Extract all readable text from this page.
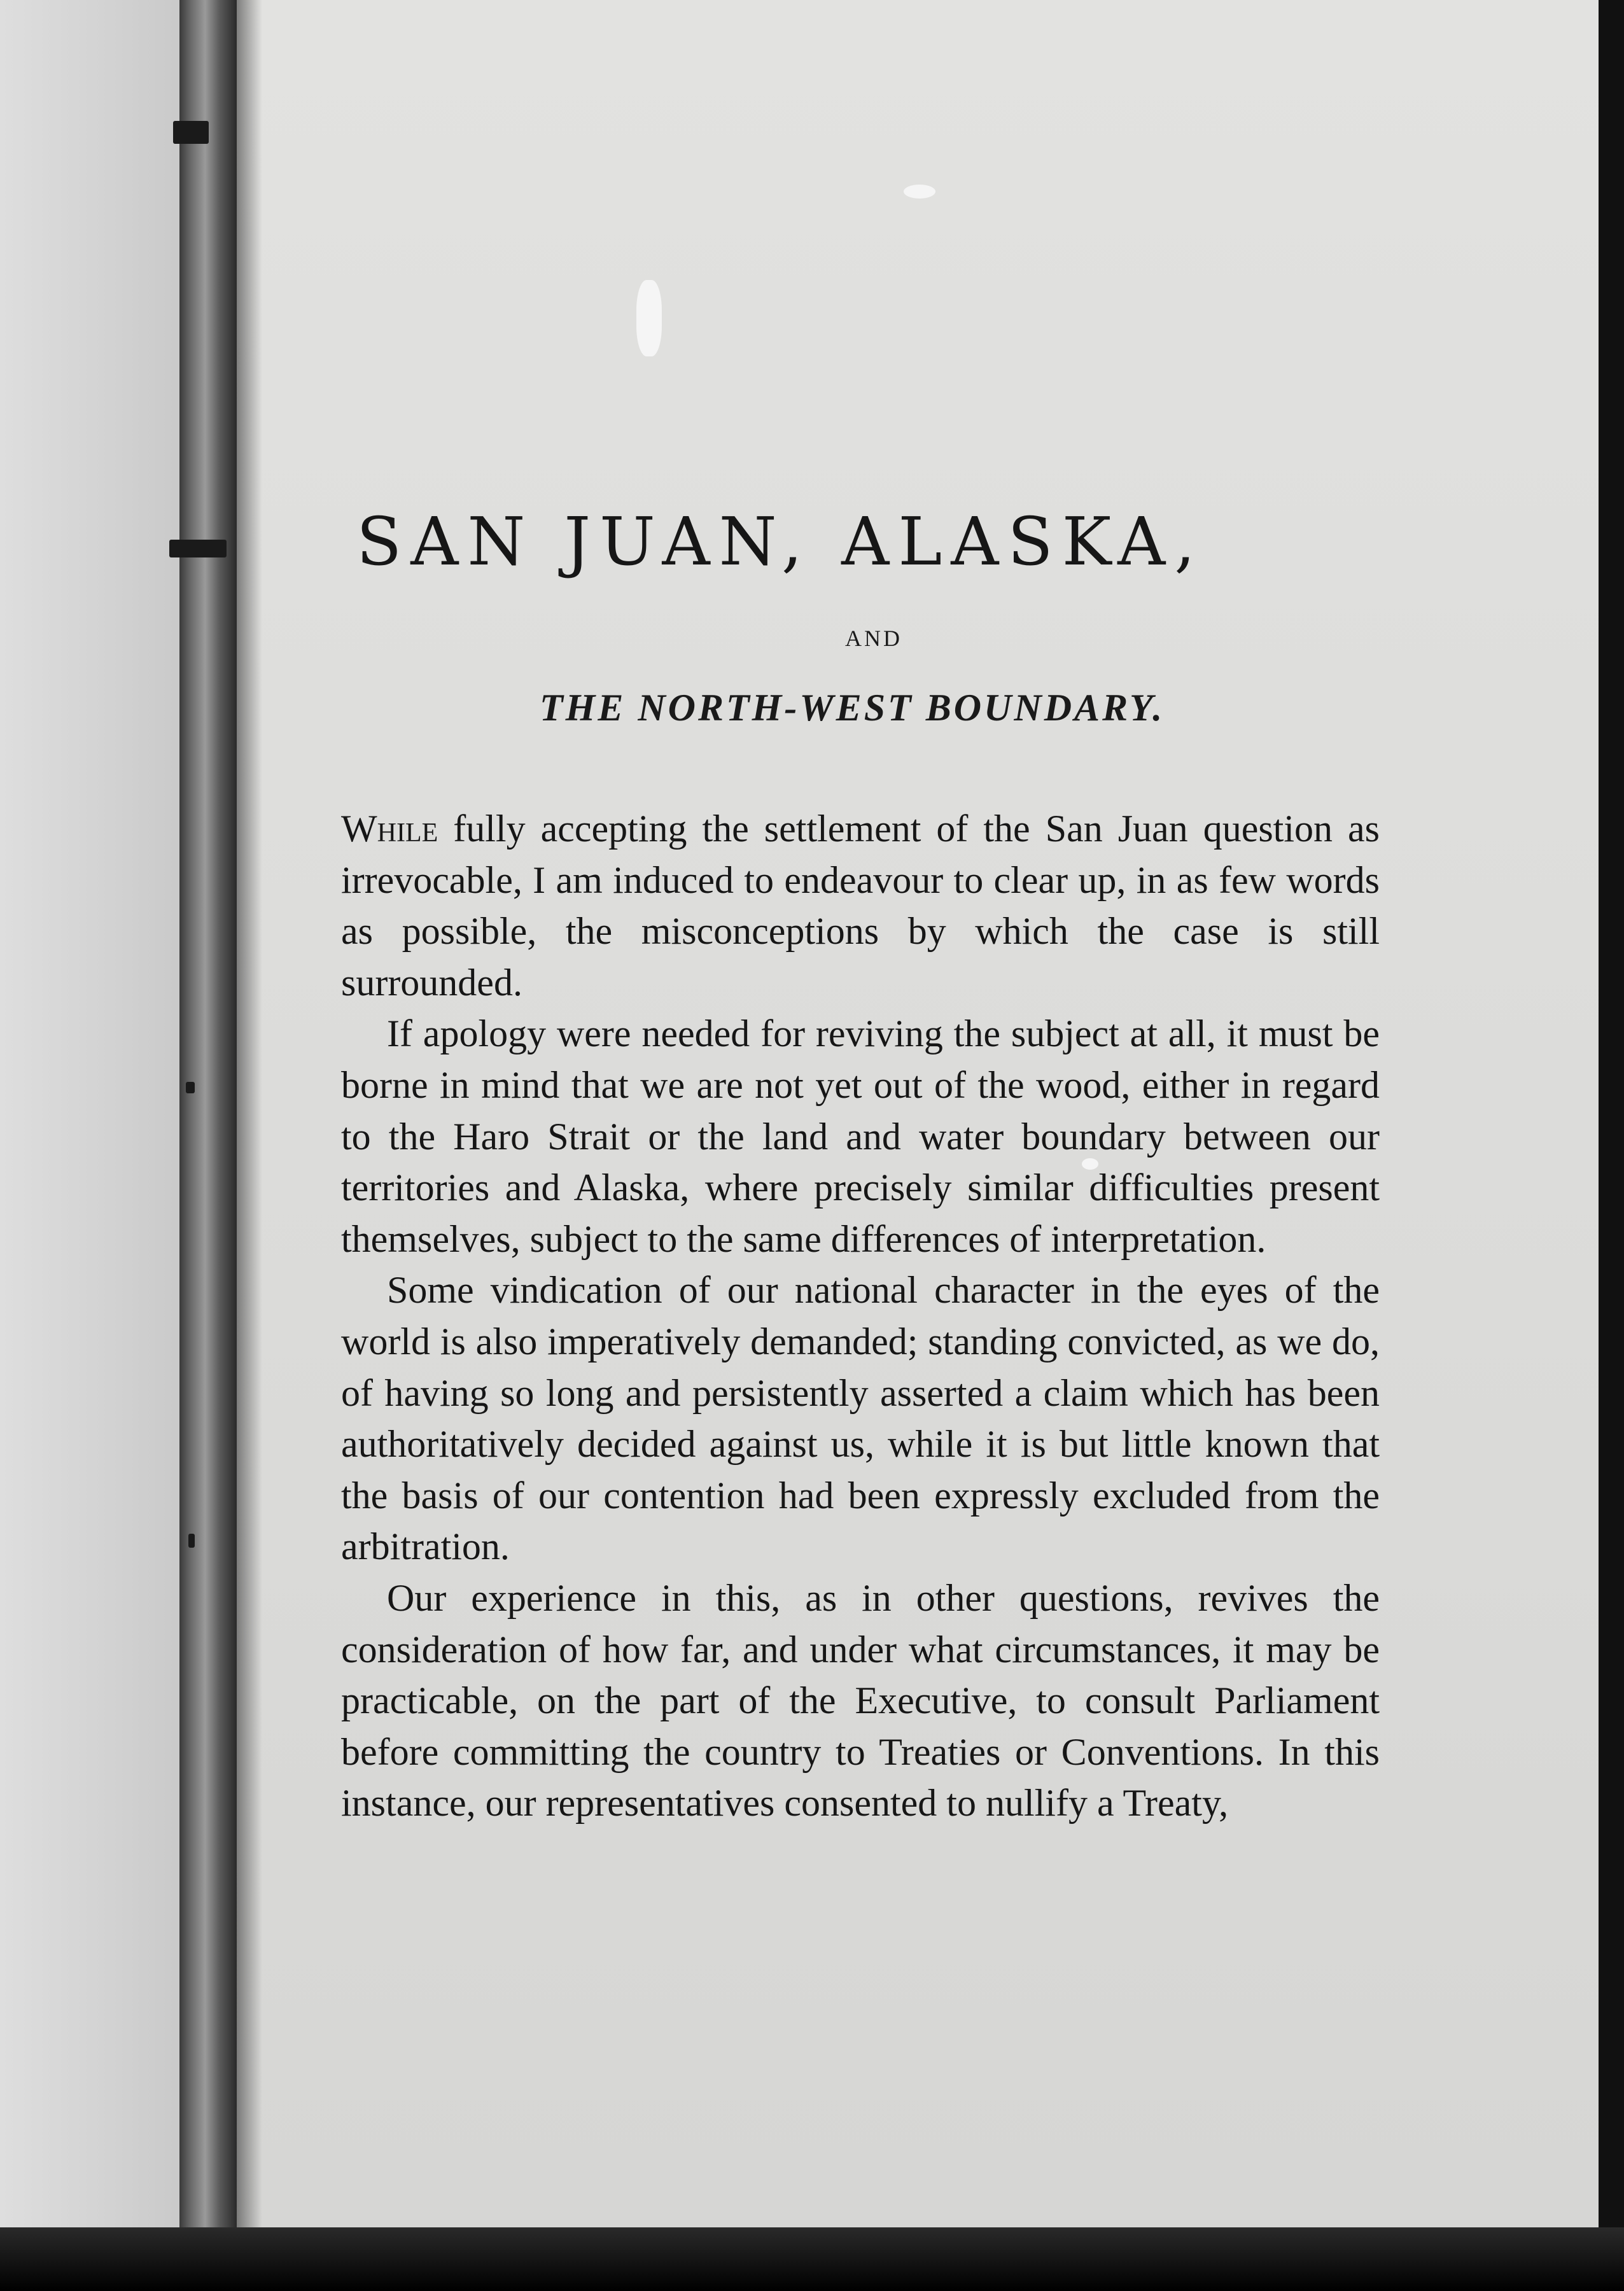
SAN JUAN, ALASKA,
AND
THE NORTH-WEST BOUNDARY.

While fully accepting the settlement of the San Juan question as irrevocable, I am induced to endeavour to clear up, in as few words as possible, the misconceptions by which the case is still surrounded.

If apology were needed for reviving the subject at all, it must be borne in mind that we are not yet out of the wood, either in regard to the Haro Strait or the land and water boundary between our territories and Alaska, where precisely similar difficulties present themselves, subject to the same differences of interpretation.

Some vindication of our national character in the eyes of the world is also imperatively demanded; standing convicted, as we do, of having so long and persistently asserted a claim which has been authoritatively decided against us, while it is but little known that the basis of our contention had been expressly excluded from the arbitration.

Our experience in this, as in other questions, revives the consideration of how far, and under what circumstances, it may be practicable, on the part of the Executive, to consult Parliament before committing the country to Treaties or Conventions. In this instance, our representatives consented to nullify a Treaty,
